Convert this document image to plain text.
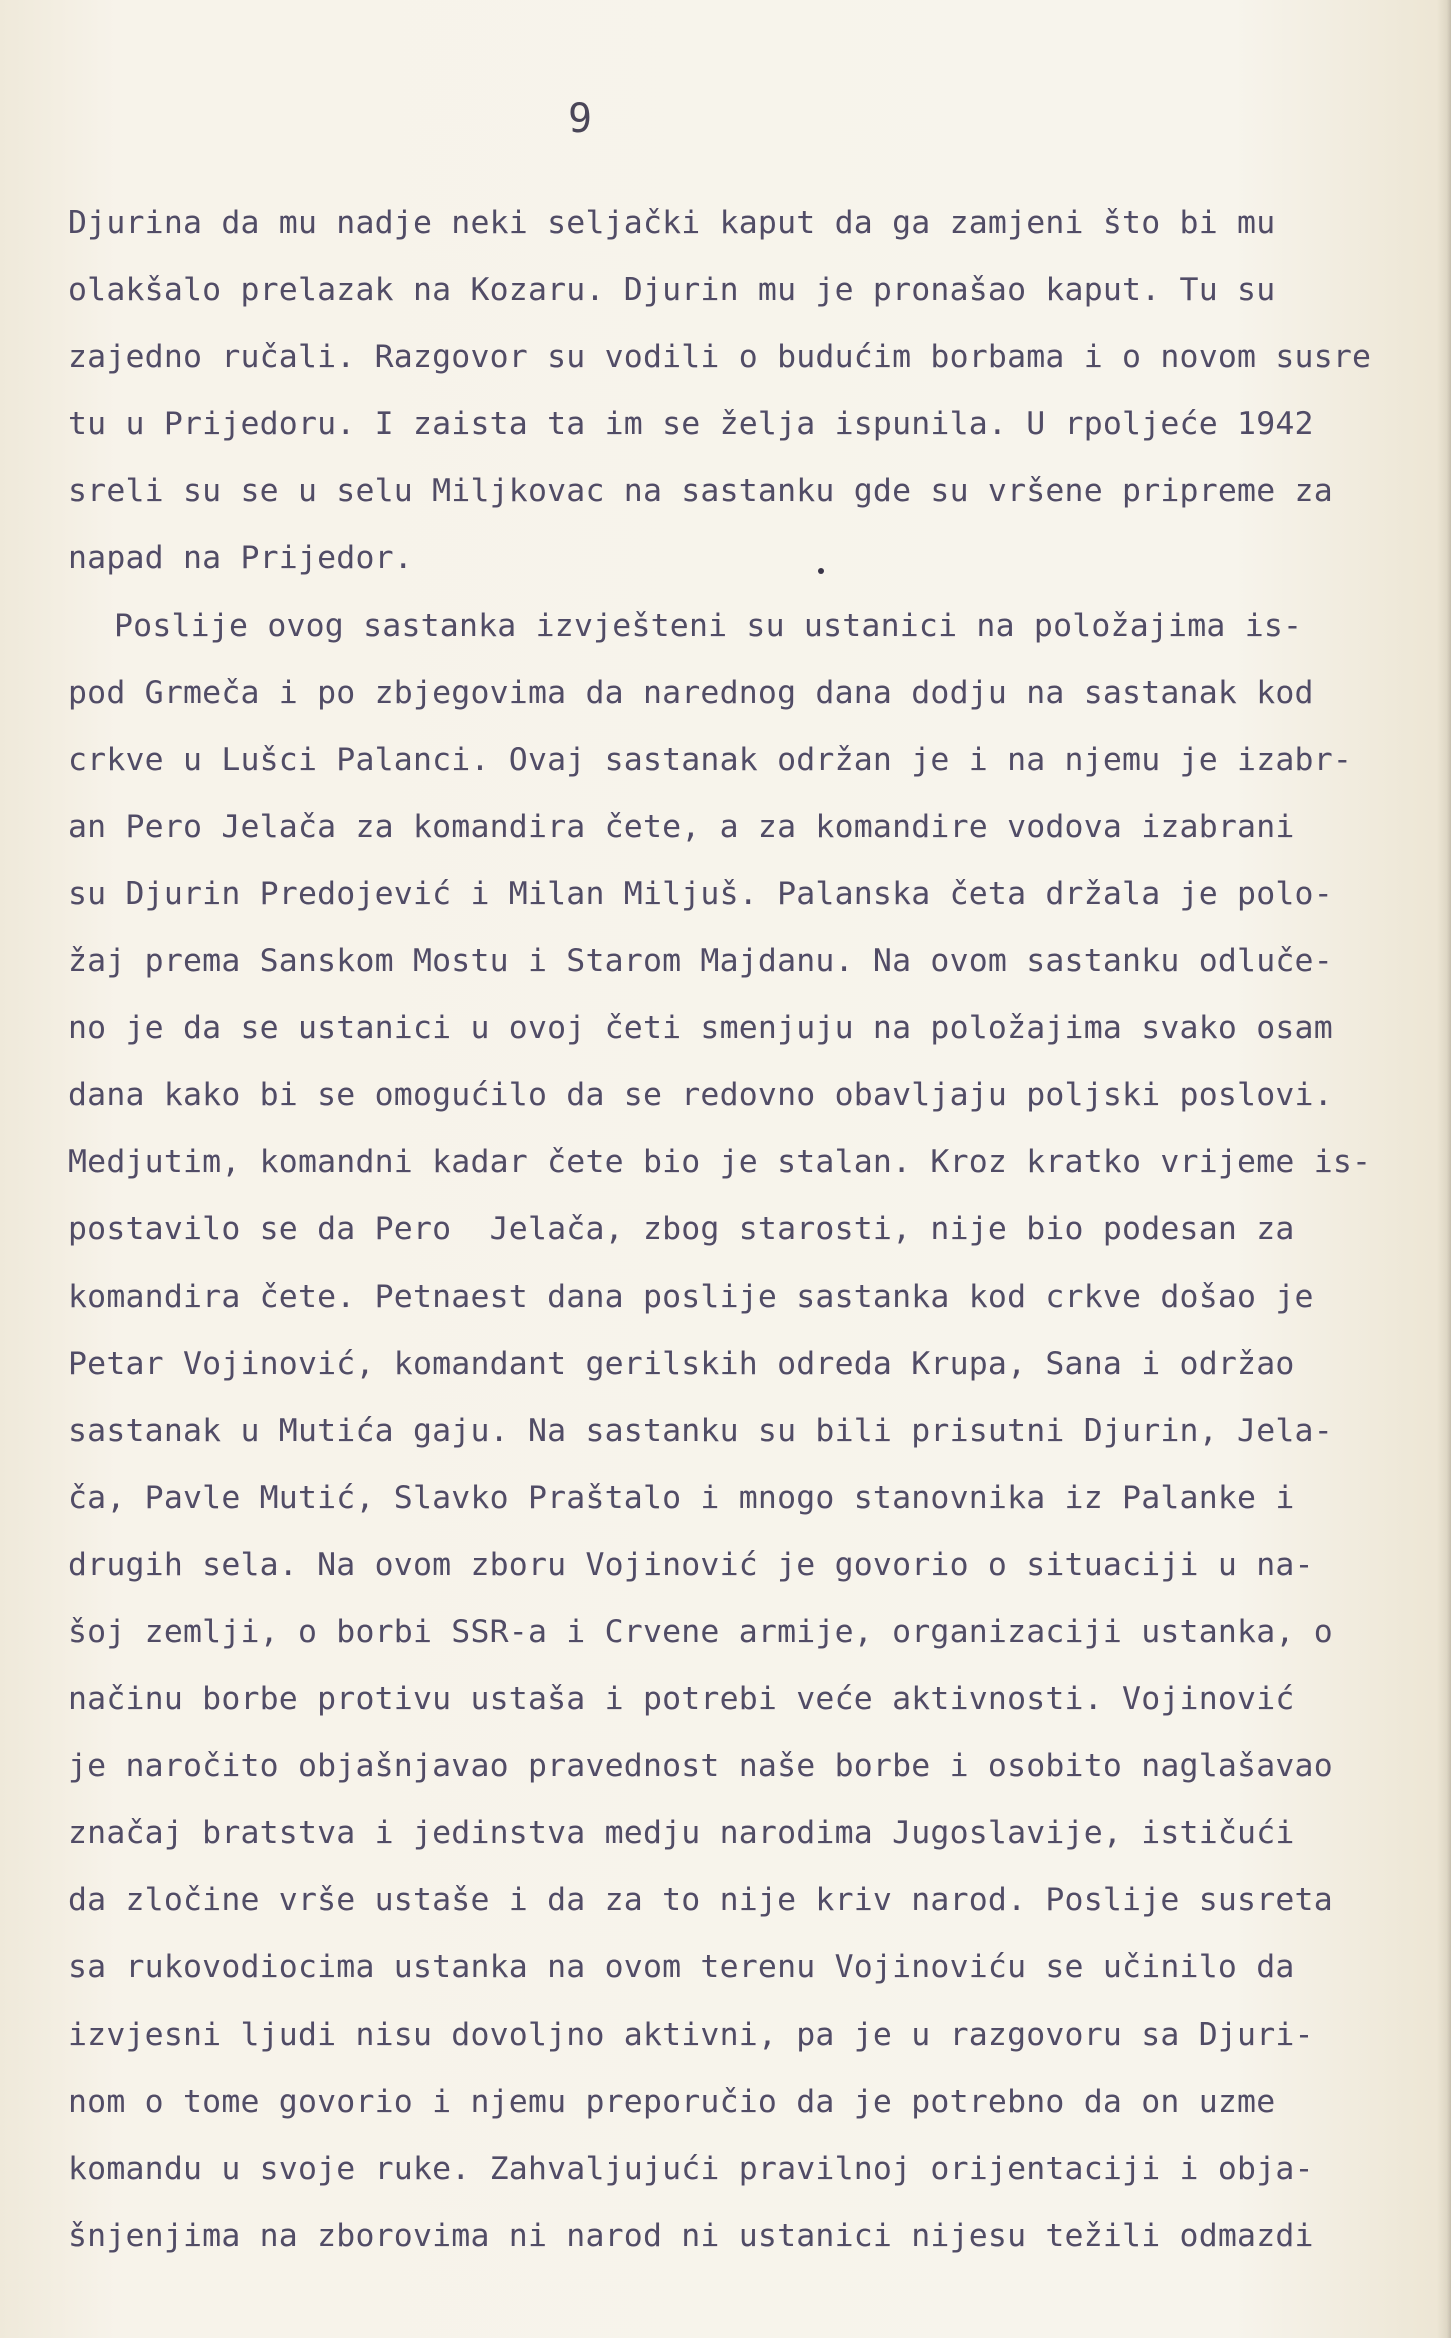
9
Djurina da mu nadje neki seljački kaput da ga zamjeni što bi mu
olakšalo prelazak na Kozaru. Djurin mu je pronašao kaput. Tu su
zajedno ručali. Razgovor su vodili o budućim borbama i o novom susre
tu u Prijedoru. I zaista ta im se želja ispunila. U rpoljeće 1942
sreli su se u selu Miljkovac na sastanku gde su vršene pripreme za
napad na Prijedor.
Poslije ovog sastanka izvješteni su ustanici na položajima is-
pod Grmeča i po zbjegovima da narednog dana dodju na sastanak kod
crkve u Lušci Palanci. Ovaj sastanak održan je i na njemu je izabr-
an Pero Jelača za komandira čete, a za komandire vodova izabrani
su Djurin Predojević i Milan Miljuš. Palanska četa držala je polo-
žaj prema Sanskom Mostu i Starom Majdanu. Na ovom sastanku odluče-
no je da se ustanici u ovoj četi smenjuju na položajima svako osam
dana kako bi se omogućilo da se redovno obavljaju poljski poslovi.
Medjutim, komandni kadar čete bio je stalan. Kroz kratko vrijeme is-
postavilo se da Pero  Jelača, zbog starosti, nije bio podesan za
komandira čete. Petnaest dana poslije sastanka kod crkve došao je
Petar Vojinović, komandant gerilskih odreda Krupa, Sana i održao
sastanak u Mutića gaju. Na sastanku su bili prisutni Djurin, Jela-
ča, Pavle Mutić, Slavko Praštalo i mnogo stanovnika iz Palanke i
drugih sela. Na ovom zboru Vojinović je govorio o situaciji u na-
šoj zemlji, o borbi SSR-a i Crvene armije, organizaciji ustanka, o
načinu borbe protivu ustaša i potrebi veće aktivnosti. Vojinović
je naročito objašnjavao pravednost naše borbe i osobito naglašavao
značaj bratstva i jedinstva medju narodima Jugoslavije, ističući
da zločine vrše ustaše i da za to nije kriv narod. Poslije susreta
sa rukovodiocima ustanka na ovom terenu Vojinoviću se učinilo da
izvjesni ljudi nisu dovoljno aktivni, pa je u razgovoru sa Djuri-
nom o tome govorio i njemu preporučio da je potrebno da on uzme
komandu u svoje ruke. Zahvaljujući pravilnoj orijentaciji i obja-
šnjenjima na zborovima ni narod ni ustanici nijesu težili odmazdi
